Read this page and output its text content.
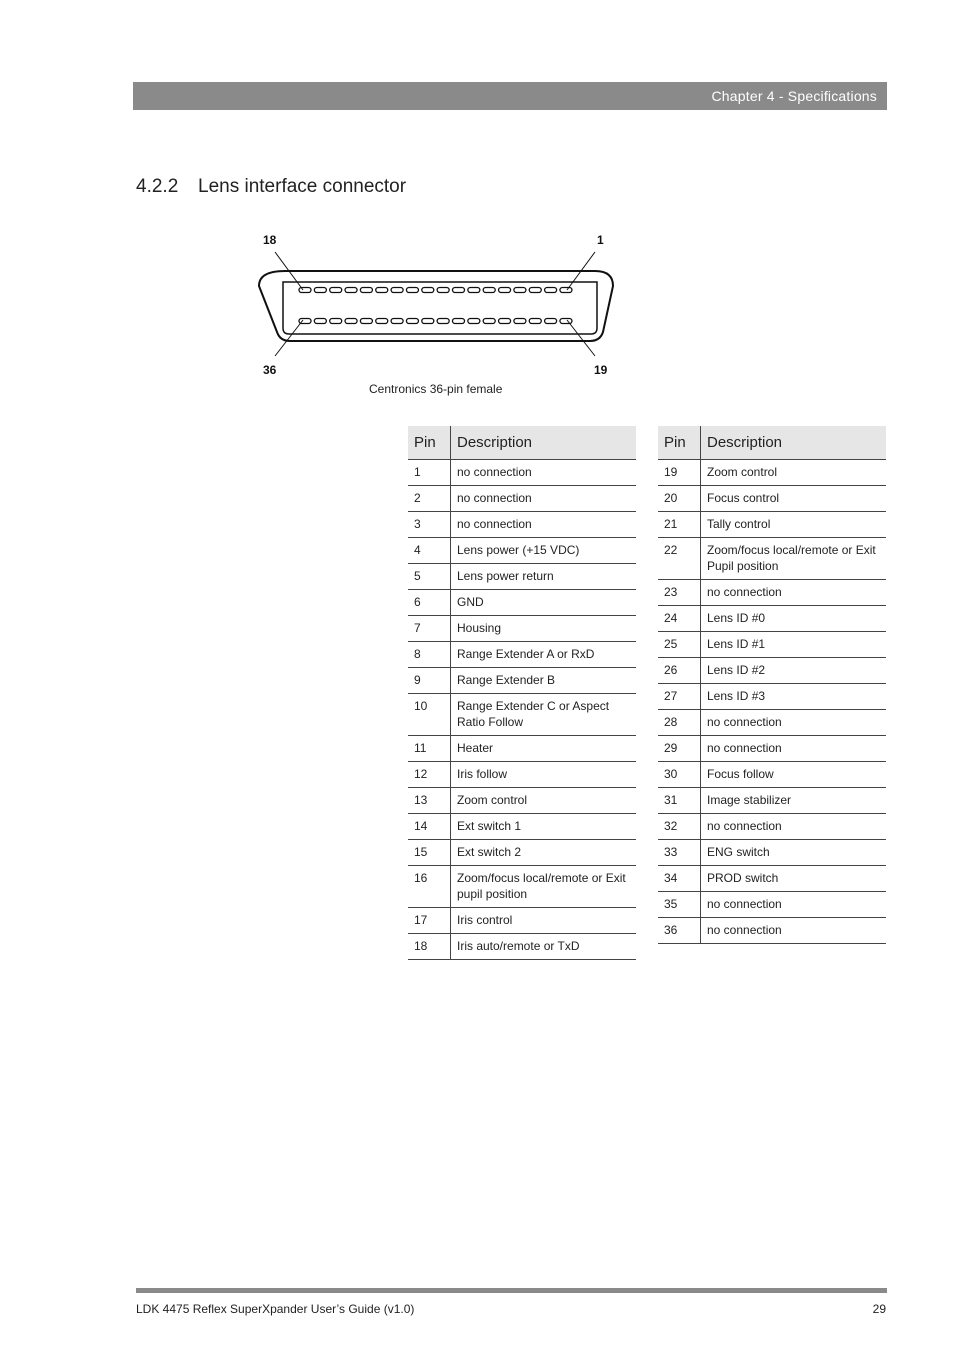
Chapter 4 - Specifications
4.2.2 Lens interface connector
18	1
36	19
Centronics 36-pin female
Pin	Description
1	no connection
2	no connection
3	no connection
4	Lens power (+15 VDC)
5	Lens power return
6	GND
7	Housing
8	Range Extender A or RxD
9	Range Extender B
10	Range Extender C or Aspect Ratio Follow
11	Heater
12	Iris follow
13	Zoom control
14	Ext switch 1
15	Ext switch 2
16	Zoom/focus local/remote or Exit pupil position
17	Iris control
18	Iris auto/remote or TxD
Pin	Description
19	Zoom control
20	Focus control
21	Tally control
22	Zoom/focus local/remote or Exit Pupil position
23	no connection
24	Lens ID #0
25	Lens ID #1
26	Lens ID #2
27	Lens ID #3
28	no connection
29	no connection
30	Focus follow
31	Image stabilizer
32	no connection
33	ENG switch
34	PROD switch
35	no connection
36	no connection
LDK 4475 Reflex SuperXpander User’s Guide (v1.0)	29
